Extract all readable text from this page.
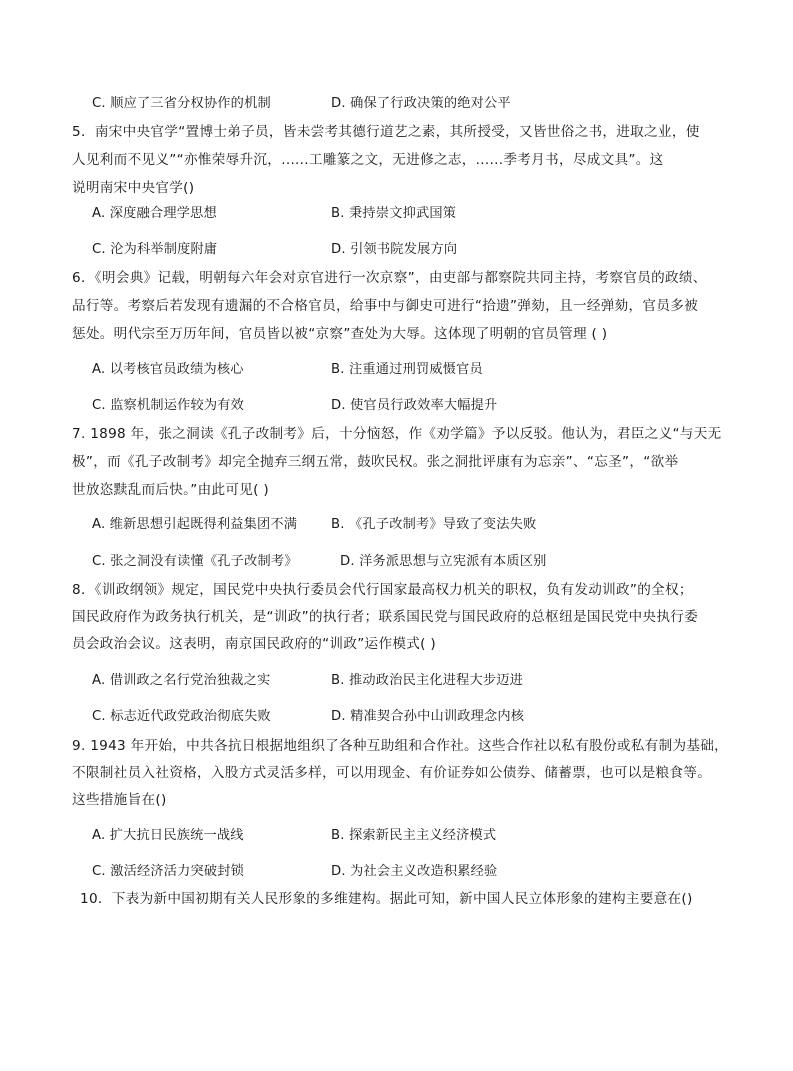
C. 顺应了三省分权协作的机制	D. 确保了行政决策的绝对公平
5．南宋中央官学“置博士弟子员，皆未尝考其德行道艺之素，其所授受，又皆世俗之书，进取之业，使
人见利而不见义”“亦惟荣辱升沉，......工雕篆之文，无进修之志，......季考月书，尽成文具”。这
说明南宋中央官学()
A. 深度融合理学思想	B. 秉持崇文抑武国策
C. 沦为科举制度附庸	D. 引领书院发展方向
6．《明会典》记载，明朝每六年会对京官进行一次京察”，由吏部与都察院共同主持，考察官员的政绩、
品行等。考察后若发现有遗漏的不合格官员，给事中与御史可进行“拾遗”弹劾，且一经弹劾，官员多被
惩处。明代宗至万历年间，官员皆以被“京察”查处为大辱。这体现了明朝的官员管理 ( )
A. 以考核官员政绩为核心	B. 注重通过刑罚威慑官员
C. 监察机制运作较为有效	D. 使官员行政效率大幅提升
7. 1898 年，张之洞读《孔子改制考》后，十分恼怒，作《劝学篇》予以反驳。他认为，君臣之义“与天无
极”，而《孔子改制考》却完全抛弃三纲五常，鼓吹民权。张之洞批评康有为忘亲”、“忘圣”，“欲举
世放恣黩乱而后快。”由此可见( )
A. 维新思想引起既得利益集团不满	B. 《孔子改制考》导致了变法失败
C. 张之洞没有读懂《孔子改制考》	D. 洋务派思想与立宪派有本质区别
8．《训政纲领》规定，国民党中央执行委员会代行国家最高权力机关的职权，负有发动训政”的全权；
国民政府作为政务执行机关，是“训政”的执行者；联系国民党与国民政府的总枢纽是国民党中央执行委
员会政治会议。这表明，南京国民政府的“训政”运作模式( )
A. 借训政之名行党治独裁之实	B. 推动政治民主化进程大步迈进
C. 标志近代政党政治彻底失败	D. 精准契合孙中山训政理念内核
9. 1943 年开始，中共各抗日根据地组织了各种互助组和合作社。这些合作社以私有股份或私有制为基础，
不限制社员入社资格，入股方式灵活多样，可以用现金、有价证券如公债券、储蓄票，也可以是粮食等。
这些措施旨在()
A. 扩大抗日民族统一战线	B. 探索新民主主义经济模式
C. 激活经济活力突破封锁	D. 为社会主义改造积累经验
10．下表为新中国初期有关人民形象的多维建构。据此可知，新中国人民立体形象的建构主要意在()
